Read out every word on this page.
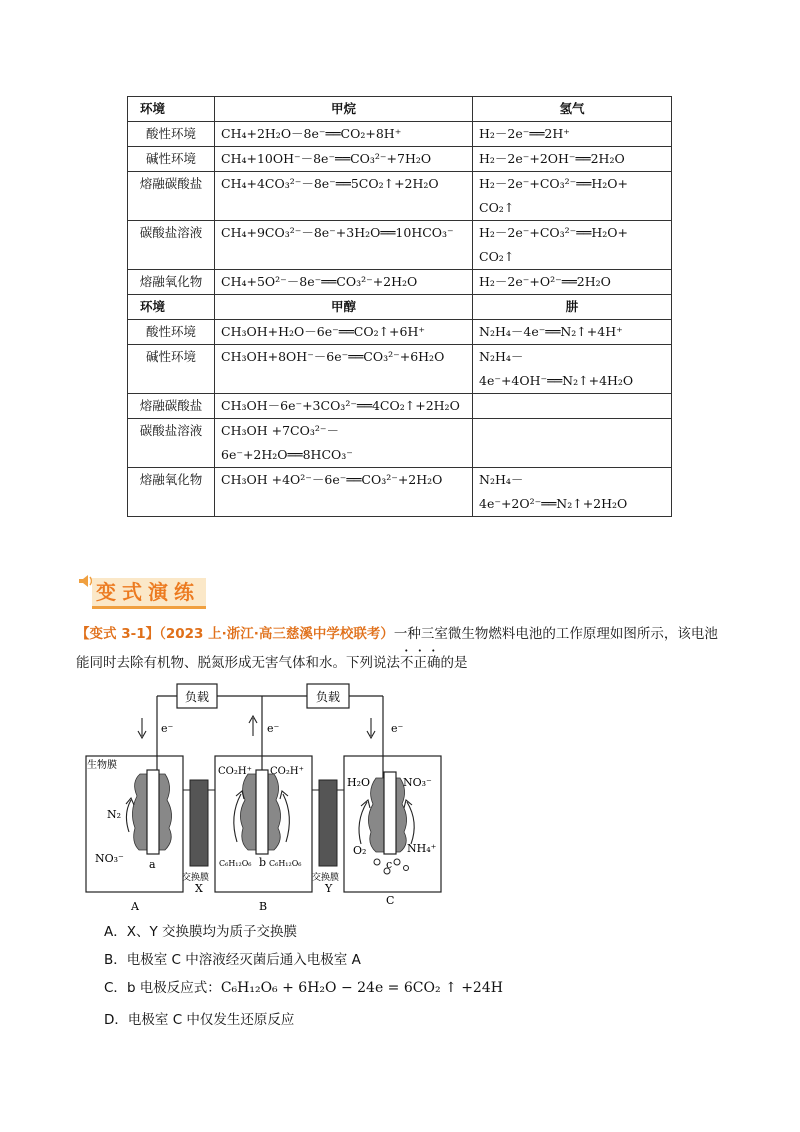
环境	甲烷	氢气
酸性环境	CH₄+2H₂O－8e⁻══CO₂+8H⁺	H₂－2e⁻══2H⁺
碱性环境	CH₄+10OH⁻－8e⁻══CO₃²⁻+7H₂O	H₂－2e⁻+2OH⁻══2H₂O
熔融碳酸盐	CH₄+4CO₃²⁻－8e⁻══5CO₂↑+2H₂O	H₂－2e⁻+CO₃²⁻══H₂O+ CO₂↑
碳酸盐溶液	CH₄+9CO₃²⁻－8e⁻+3H₂O══10HCO₃⁻	H₂－2e⁻+CO₃²⁻══H₂O+ CO₂↑
熔融氧化物	CH₄+5O²⁻－8e⁻══CO₃²⁻+2H₂O	H₂－2e⁻+O²⁻══2H₂O
环境	甲醇	肼
酸性环境	CH₃OH+H₂O－6e⁻══CO₂↑+6H⁺	N₂H₄－4e⁻══N₂↑+4H⁺
碱性环境	CH₃OH+8OH⁻－6e⁻══CO₃²⁻+6H₂O	N₂H₄－4e⁻+4OH⁻══N₂↑+4H₂O
熔融碳酸盐	CH₃OH－6e⁻+3CO₃²⁻══4CO₂↑+2H₂O	
碳酸盐溶液	CH₃OH +7CO₃²⁻－6e⁻+2H₂O══8HCO₃⁻	
熔融氧化物	CH₃OH +4O²⁻－6e⁻══CO₃²⁻+2H₂O	N₂H₄－4e⁻+2O²⁻══N₂↑+2H₂O
变式演练
【变式 3-1】（2023 上·浙江·高三慈溪中学校联考）一种三室微生物燃料电池的工作原理如图所示，该电池能同时去除有机物、脱氮形成无害气体和水。下列说法不正确的是
负载	负载
e⁻	e⁻	e⁻
生物膜
N₂
NO₃⁻ a
CO₂H⁺ CO₂H⁺
C₆H₁₂O₆ C₆H₁₂O₆
b
H₂O	NO₃⁻
O₂	NH₄⁺
c
交换膜
X
交换膜
Y
A	B	C
A．X、Y 交换膜均为质子交换膜
B．电极室 C 中溶液经灭菌后通入电极室 A
C．b 电极反应式：C₆H₁₂O₆ + 6H₂O − 24e = 6CO₂ ↑ +24H
D．电极室 C 中仅发生还原反应
